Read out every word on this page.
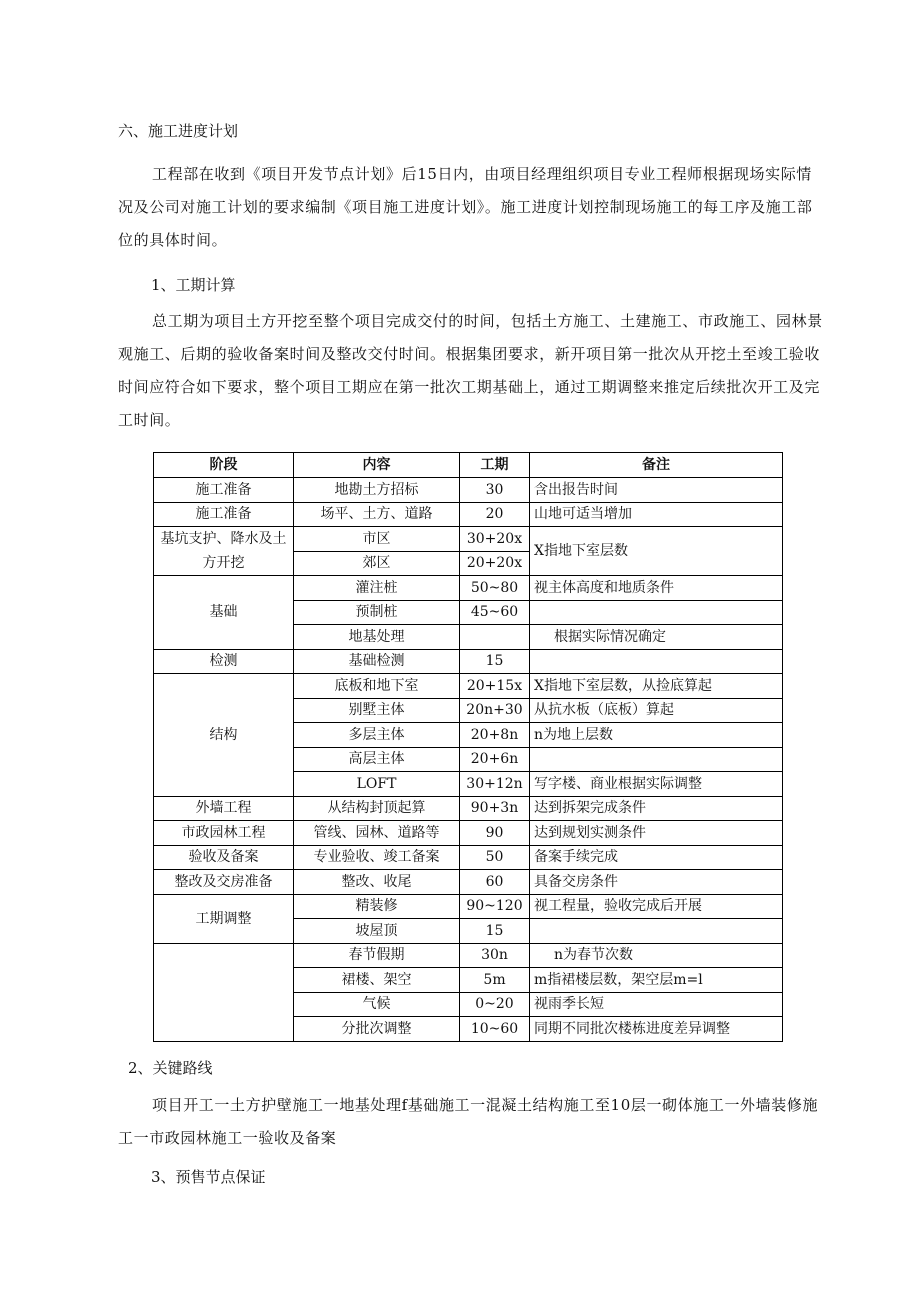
六、施工进度计划
工程部在收到《项目开发节点计划》后15日内，由项目经理组织项目专业工程师根据现场实际情况及公司对施工计划的要求编制《项目施工进度计划》。施工进度计划控制现场施工的每工序及施工部位的具体时间。
1、工期计算
总工期为项目土方开挖至整个项目完成交付的时间，包括土方施工、土建施工、市政施工、园林景观施工、后期的验收备案时间及整改交付时间。根据集团要求，新开项目第一批次从开挖土至竣工验收时间应符合如下要求，整个项目工期应在第一批次工期基础上，通过工期调整来推定后续批次开工及完工时间。
阶段	内容	工期	备注
施工准备	地勘土方招标	30	含出报告时间
施工准备	场平、土方、道路	20	山地可适当增加
基坑支护、降水及土方开挖	市区	30+20x	X指地下室层数
	郊区	20+20x	
基础	灌注桩	50~80	视主体高度和地质条件
	预制桩	45~60	
	地基处理		根据实际情况确定
检测	基础检测	15	
结构	底板和地下室	20+15x	X指地下室层数，从捡底算起
	别墅主体	20n+30	从抗水板（底板）算起
	多层主体	20+8n	n为地上层数
	高层主体	20+6n	
	LOFT	30+12n	写字楼、商业根据实际调整
外墙工程	从结构封顶起算	90+3n	达到拆架完成条件
市政园林工程	管线、园林、道路等	90	达到规划实测条件
验收及备案	专业验收、竣工备案	50	备案手续完成
整改及交房准备	整改、收尾	60	具备交房条件
工期调整	精装修	90~120	视工程量，验收完成后开展
	坡屋顶	15	
	春节假期	30n	n为春节次数
	裙楼、架空	5m	m指裙楼层数，架空层m=l
	气候	0~20	视雨季长短
	分批次调整	10~60	同期不同批次楼栋进度差异调整
2、关键路线
项目开工一土方护壁施工一地基处理f基础施工一混凝土结构施工至10层一砌体施工一外墙装修施工一市政园林施工一验收及备案
3、预售节点保证
